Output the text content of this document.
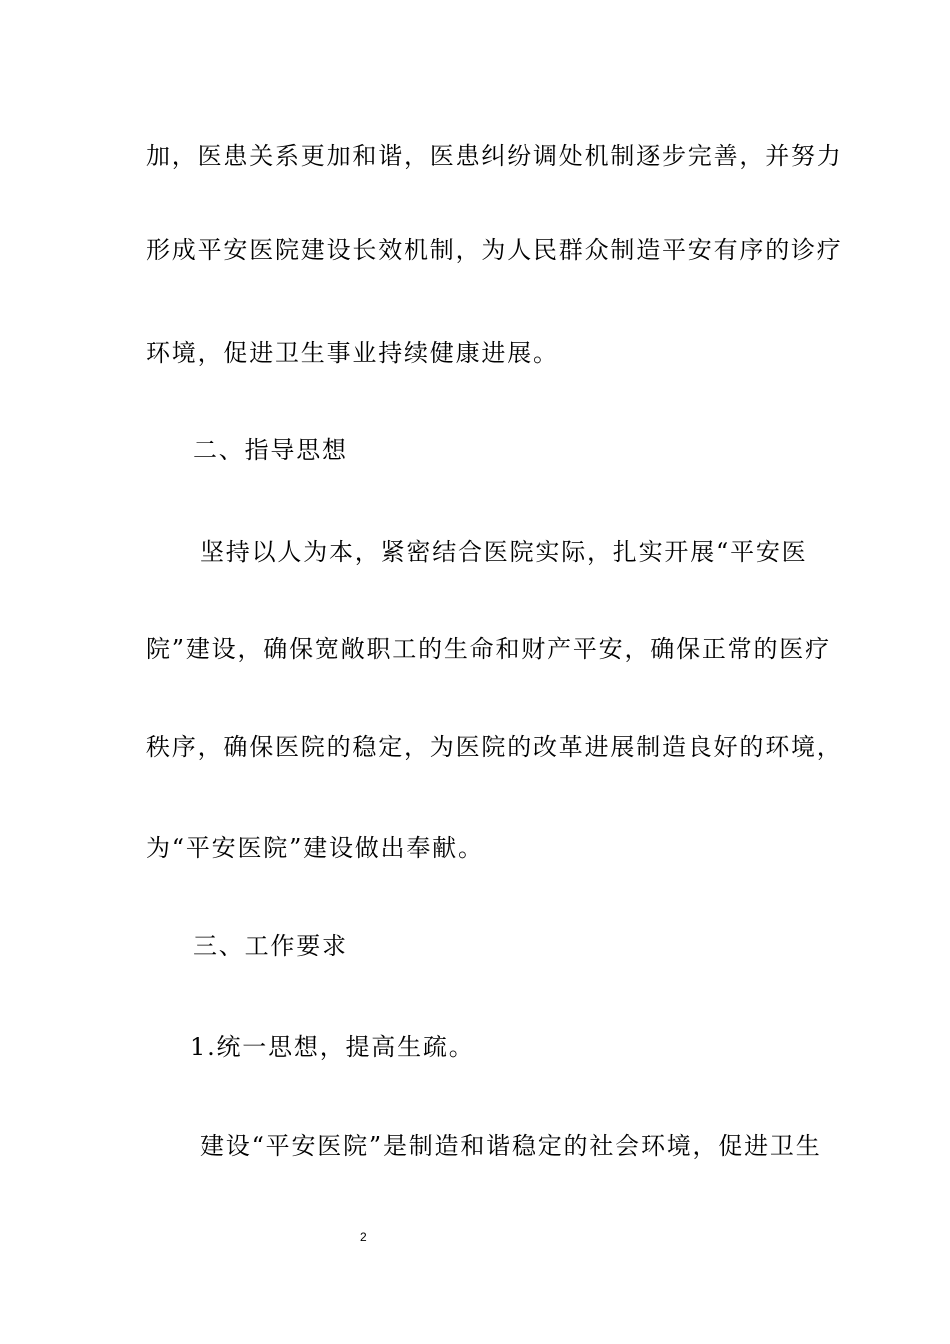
加，医患关系更加和谐，医患纠纷调处机制逐步完善，并努力
形成平安医院建设长效机制，为人民群众制造平安有序的诊疗
环境，促进卫生事业持续健康进展。
二、指导思想
坚持以人为本，紧密结合医院实际，扎实开展“平安医
院”建设，确保宽敞职工的生命和财产平安，确保正常的医疗
秩序，确保医院的稳定，为医院的改革进展制造良好的环境，
为“平安医院”建设做出奉献。
三、工作要求
1.统一思想，提高生疏。
建设“平安医院”是制造和谐稳定的社会环境，促进卫生
2
